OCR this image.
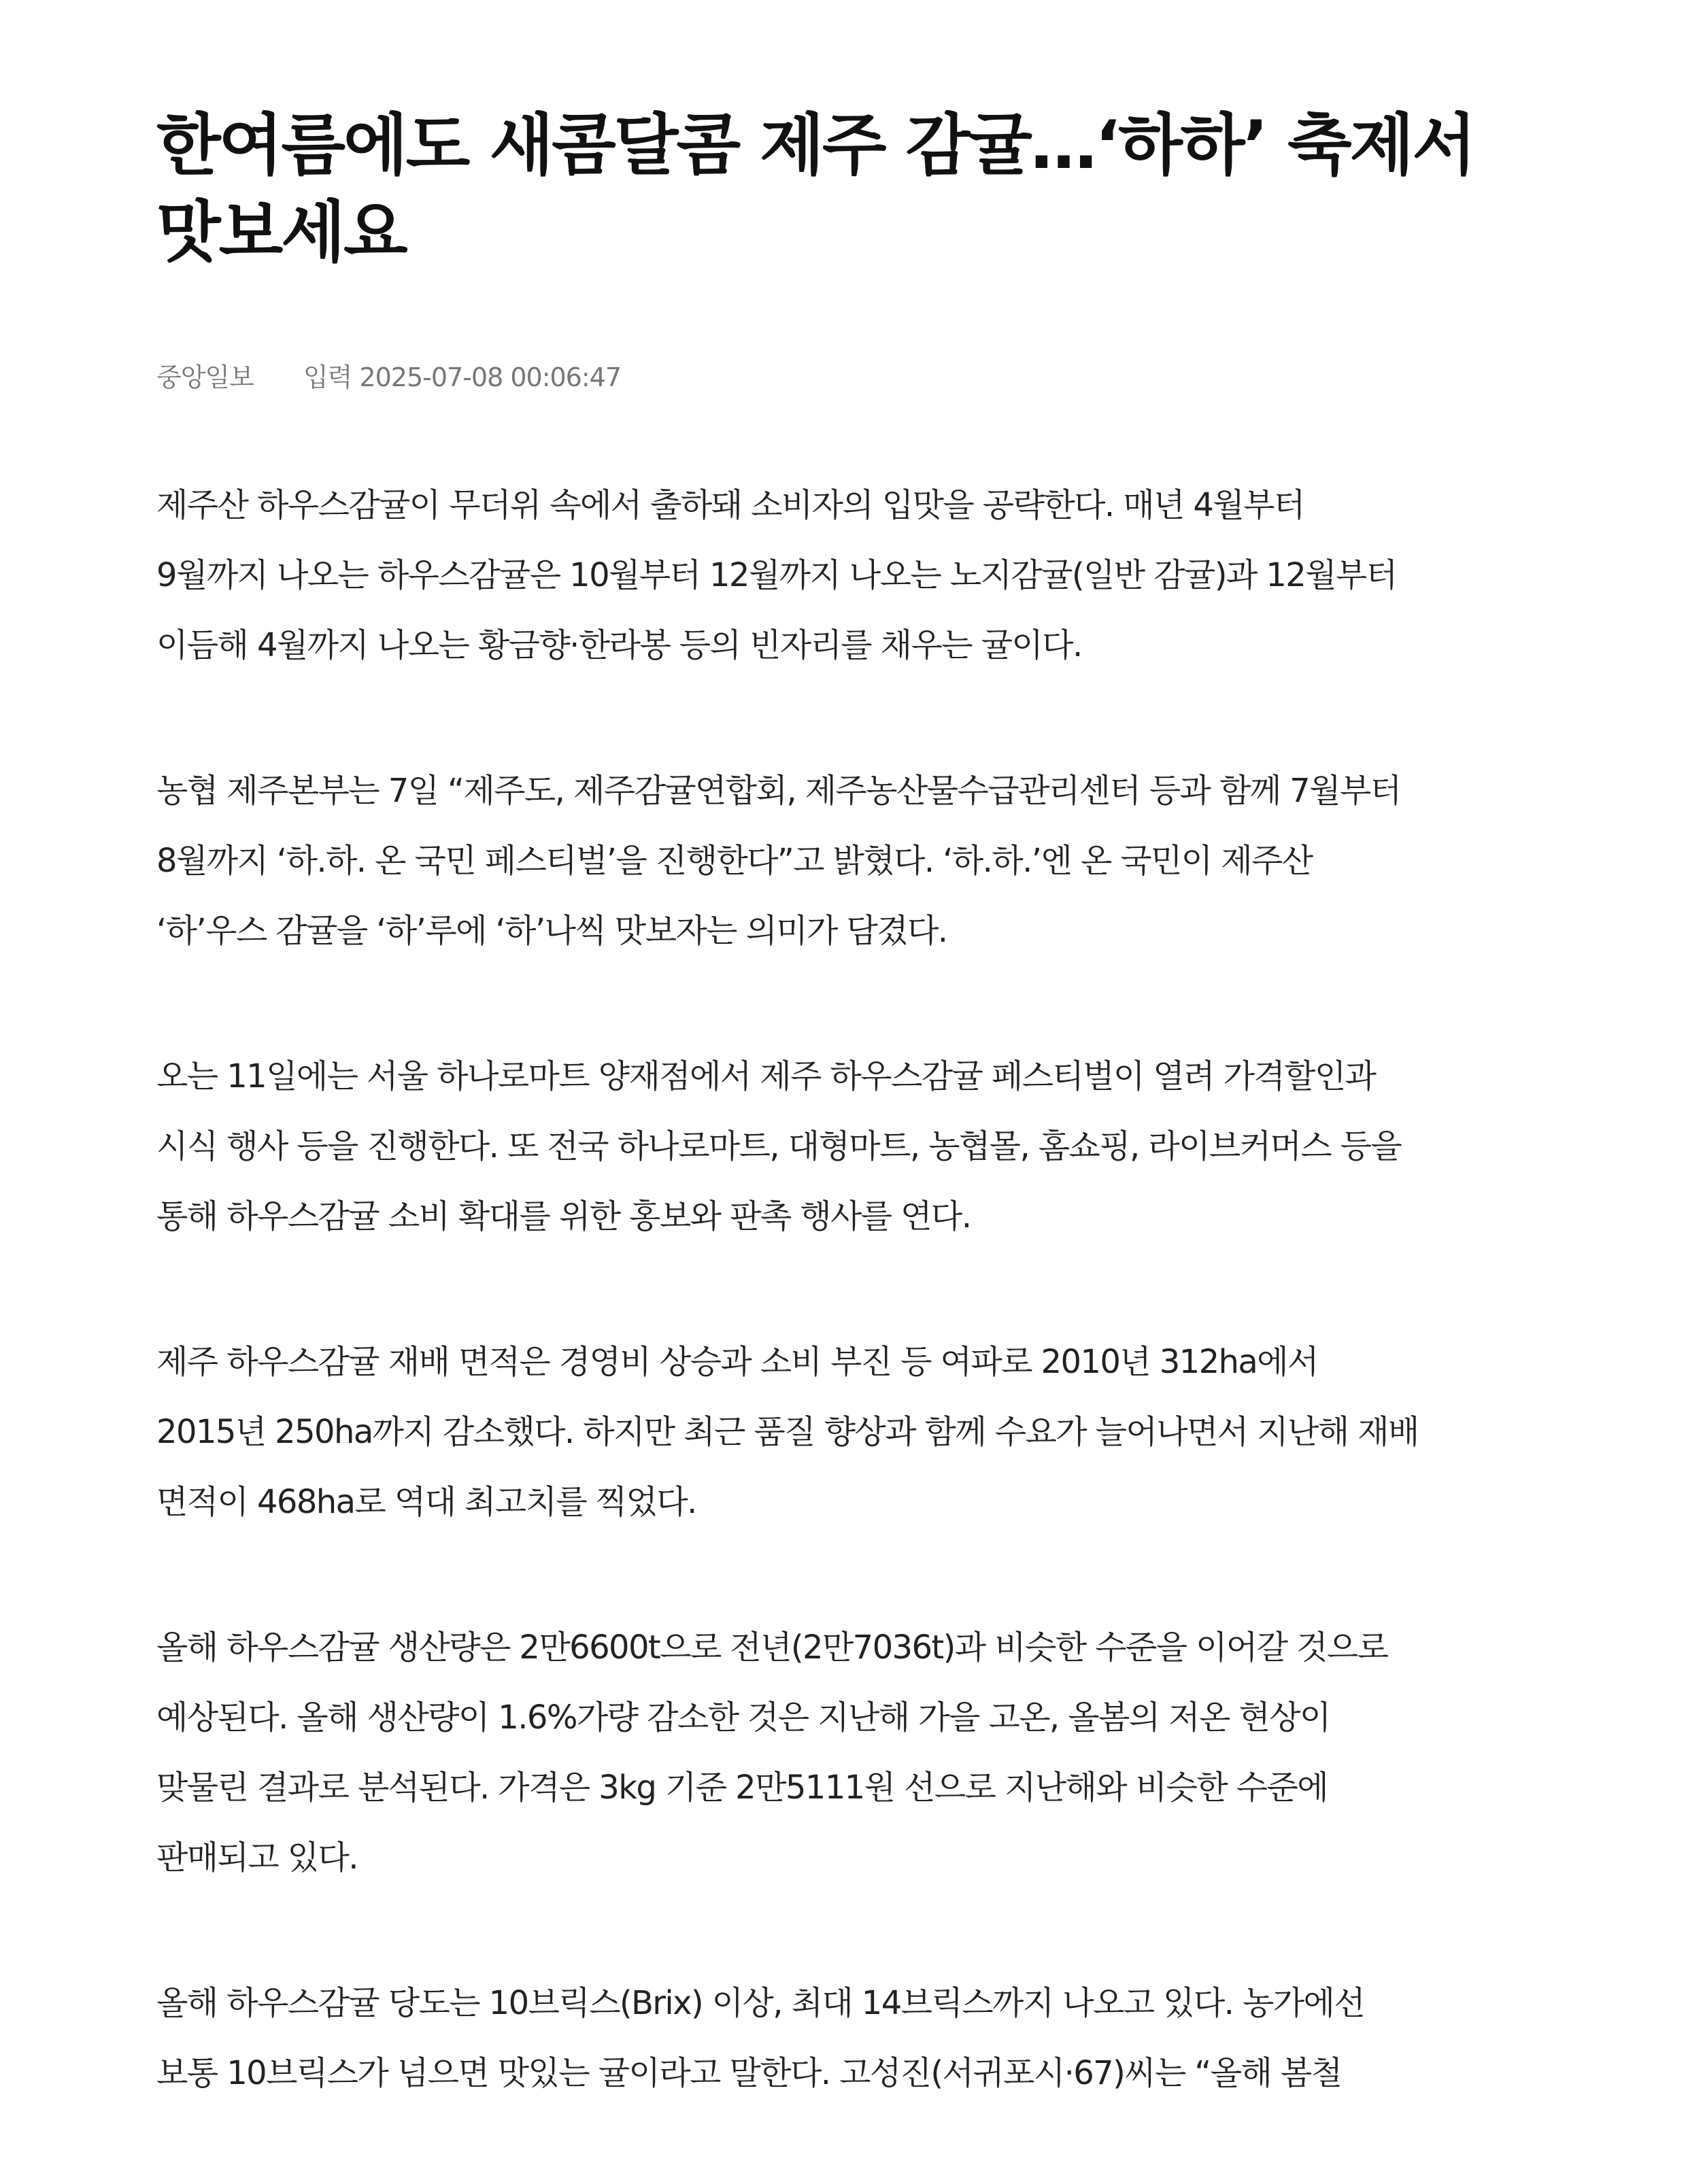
한여름에도 새콤달콤 제주 감귤…‘하하’ 축제서
맛보세요
중앙일보 입력 2025-07-08 00:06:47

제주산 하우스감귤이 무더위 속에서 출하돼 소비자의 입맛을 공략한다. 매년 4월부터
9월까지 나오는 하우스감귤은 10월부터 12월까지 나오는 노지감귤(일반 감귤)과 12월부터
이듬해 4월까지 나오는 황금향·한라봉 등의 빈자리를 채우는 귤이다.

농협 제주본부는 7일 “제주도, 제주감귤연합회, 제주농산물수급관리센터 등과 함께 7월부터
8월까지 ‘하.하. 온 국민 페스티벌’을 진행한다”고 밝혔다. ‘하.하.’엔 온 국민이 제주산
‘하’우스 감귤을 ‘하’루에 ‘하’나씩 맛보자는 의미가 담겼다.

오는 11일에는 서울 하나로마트 양재점에서 제주 하우스감귤 페스티벌이 열려 가격할인과
시식 행사 등을 진행한다. 또 전국 하나로마트, 대형마트, 농협몰, 홈쇼핑, 라이브커머스 등을
통해 하우스감귤 소비 확대를 위한 홍보와 판촉 행사를 연다.

제주 하우스감귤 재배 면적은 경영비 상승과 소비 부진 등 여파로 2010년 312ha에서
2015년 250ha까지 감소했다. 하지만 최근 품질 향상과 함께 수요가 늘어나면서 지난해 재배
면적이 468ha로 역대 최고치를 찍었다.

올해 하우스감귤 생산량은 2만6600t으로 전년(2만7036t)과 비슷한 수준을 이어갈 것으로
예상된다. 올해 생산량이 1.6%가량 감소한 것은 지난해 가을 고온, 올봄의 저온 현상이
맞물린 결과로 분석된다. 가격은 3kg 기준 2만5111원 선으로 지난해와 비슷한 수준에
판매되고 있다.

올해 하우스감귤 당도는 10브릭스(Brix) 이상, 최대 14브릭스까지 나오고 있다. 농가에선
보통 10브릭스가 넘으면 맛있는 귤이라고 말한다. 고성진(서귀포시·67)씨는 “올해 봄철
